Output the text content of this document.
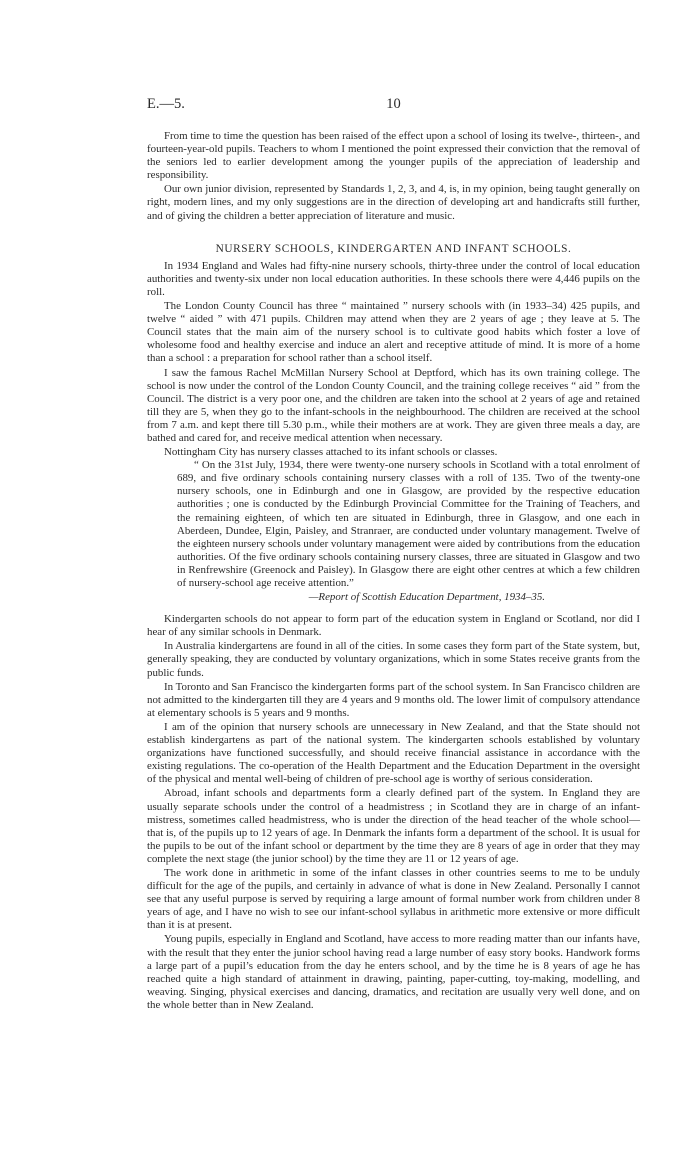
E.—5.	10

From time to time the question has been raised of the effect upon a school of losing its twelve-, thirteen-, and fourteen-year-old pupils. Teachers to whom I mentioned the point expressed their conviction that the removal of the seniors led to earlier development among the younger pupils of the appreciation of leadership and responsibility.

Our own junior division, represented by Standards 1, 2, 3, and 4, is, in my opinion, being taught generally on right, modern lines, and my only suggestions are in the direction of developing art and handicrafts still further, and of giving the children a better appreciation of literature and music.

NURSERY SCHOOLS, KINDERGARTEN AND INFANT SCHOOLS.

In 1934 England and Wales had fifty-nine nursery schools, thirty-three under the control of local education authorities and twenty-six under non local education authorities. In these schools there were 4,446 pupils on the roll.

The London County Council has three “ maintained ” nursery schools with (in 1933–34) 425 pupils, and twelve “ aided ” with 471 pupils. Children may attend when they are 2 years of age ; they leave at 5. The Council states that the main aim of the nursery school is to cultivate good habits which foster a love of wholesome food and healthy exercise and induce an alert and receptive attitude of mind. It is more of a home than a school : a preparation for school rather than a school itself.

I saw the famous Rachel McMillan Nursery School at Deptford, which has its own training college. The school is now under the control of the London County Council, and the training college receives “ aid ” from the Council. The district is a very poor one, and the children are taken into the school at 2 years of age and retained till they are 5, when they go to the infant-schools in the neighbourhood. The children are received at the school from 7 a.m. and kept there till 5.30 p.m., while their mothers are at work. They are given three meals a day, are bathed and cared for, and receive medical attention when necessary.

Nottingham City has nursery classes attached to its infant schools or classes.

“ On the 31st July, 1934, there were twenty-one nursery schools in Scotland with a total enrolment of 689, and five ordinary schools containing nursery classes with a roll of 135. Two of the twenty-one nursery schools, one in Edinburgh and one in Glasgow, are provided by the respective education authorities ; one is conducted by the Edinburgh Provincial Committee for the Training of Teachers, and the remaining eighteen, of which ten are situated in Edinburgh, three in Glasgow, and one each in Aberdeen, Dundee, Elgin, Paisley, and Stranraer, are conducted under voluntary management. Twelve of the eighteen nursery schools under voluntary management were aided by contributions from the education authorities. Of the five ordinary schools containing nursery classes, three are situated in Glasgow and two in Renfrewshire (Greenock and Paisley). In Glasgow there are eight other centres at which a few children of nursery-school age receive attention.”

—Report of Scottish Education Department, 1934–35.

Kindergarten schools do not appear to form part of the education system in England or Scotland, nor did I hear of any similar schools in Denmark.

In Australia kindergartens are found in all of the cities. In some cases they form part of the State system, but, generally speaking, they are conducted by voluntary organizations, which in some States receive grants from the public funds.

In Toronto and San Francisco the kindergarten forms part of the school system. In San Francisco children are not admitted to the kindergarten till they are 4 years and 9 months old. The lower limit of compulsory attendance at elementary schools is 5 years and 9 months.

I am of the opinion that nursery schools are unnecessary in New Zealand, and that the State should not establish kindergartens as part of the national system. The kindergarten schools established by voluntary organizations have functioned successfully, and should receive financial assistance in accordance with the existing regulations. The co-operation of the Health Department and the Education Department in the oversight of the physical and mental well-being of children of pre-school age is worthy of serious consideration.

Abroad, infant schools and departments form a clearly defined part of the system. In England they are usually separate schools under the control of a headmistress ; in Scotland they are in charge of an infant-mistress, sometimes called headmistress, who is under the direction of the head teacher of the whole school—that is, of the pupils up to 12 years of age. In Denmark the infants form a department of the school. It is usual for the pupils to be out of the infant school or department by the time they are 8 years of age in order that they may complete the next stage (the junior school) by the time they are 11 or 12 years of age.

The work done in arithmetic in some of the infant classes in other countries seems to me to be unduly difficult for the age of the pupils, and certainly in advance of what is done in New Zealand. Personally I cannot see that any useful purpose is served by requiring a large amount of formal number work from children under 8 years of age, and I have no wish to see our infant-school syllabus in arithmetic more extensive or more difficult than it is at present.

Young pupils, especially in England and Scotland, have access to more reading matter than our infants have, with the result that they enter the junior school having read a large number of easy story books. Handwork forms a large part of a pupil’s education from the day he enters school, and by the time he is 8 years of age he has reached quite a high standard of attainment in drawing, painting, paper-cutting, toy-making, modelling, and weaving. Singing, physical exercises and dancing, dramatics, and recitation are usually very well done, and on the whole better than in New Zealand.
